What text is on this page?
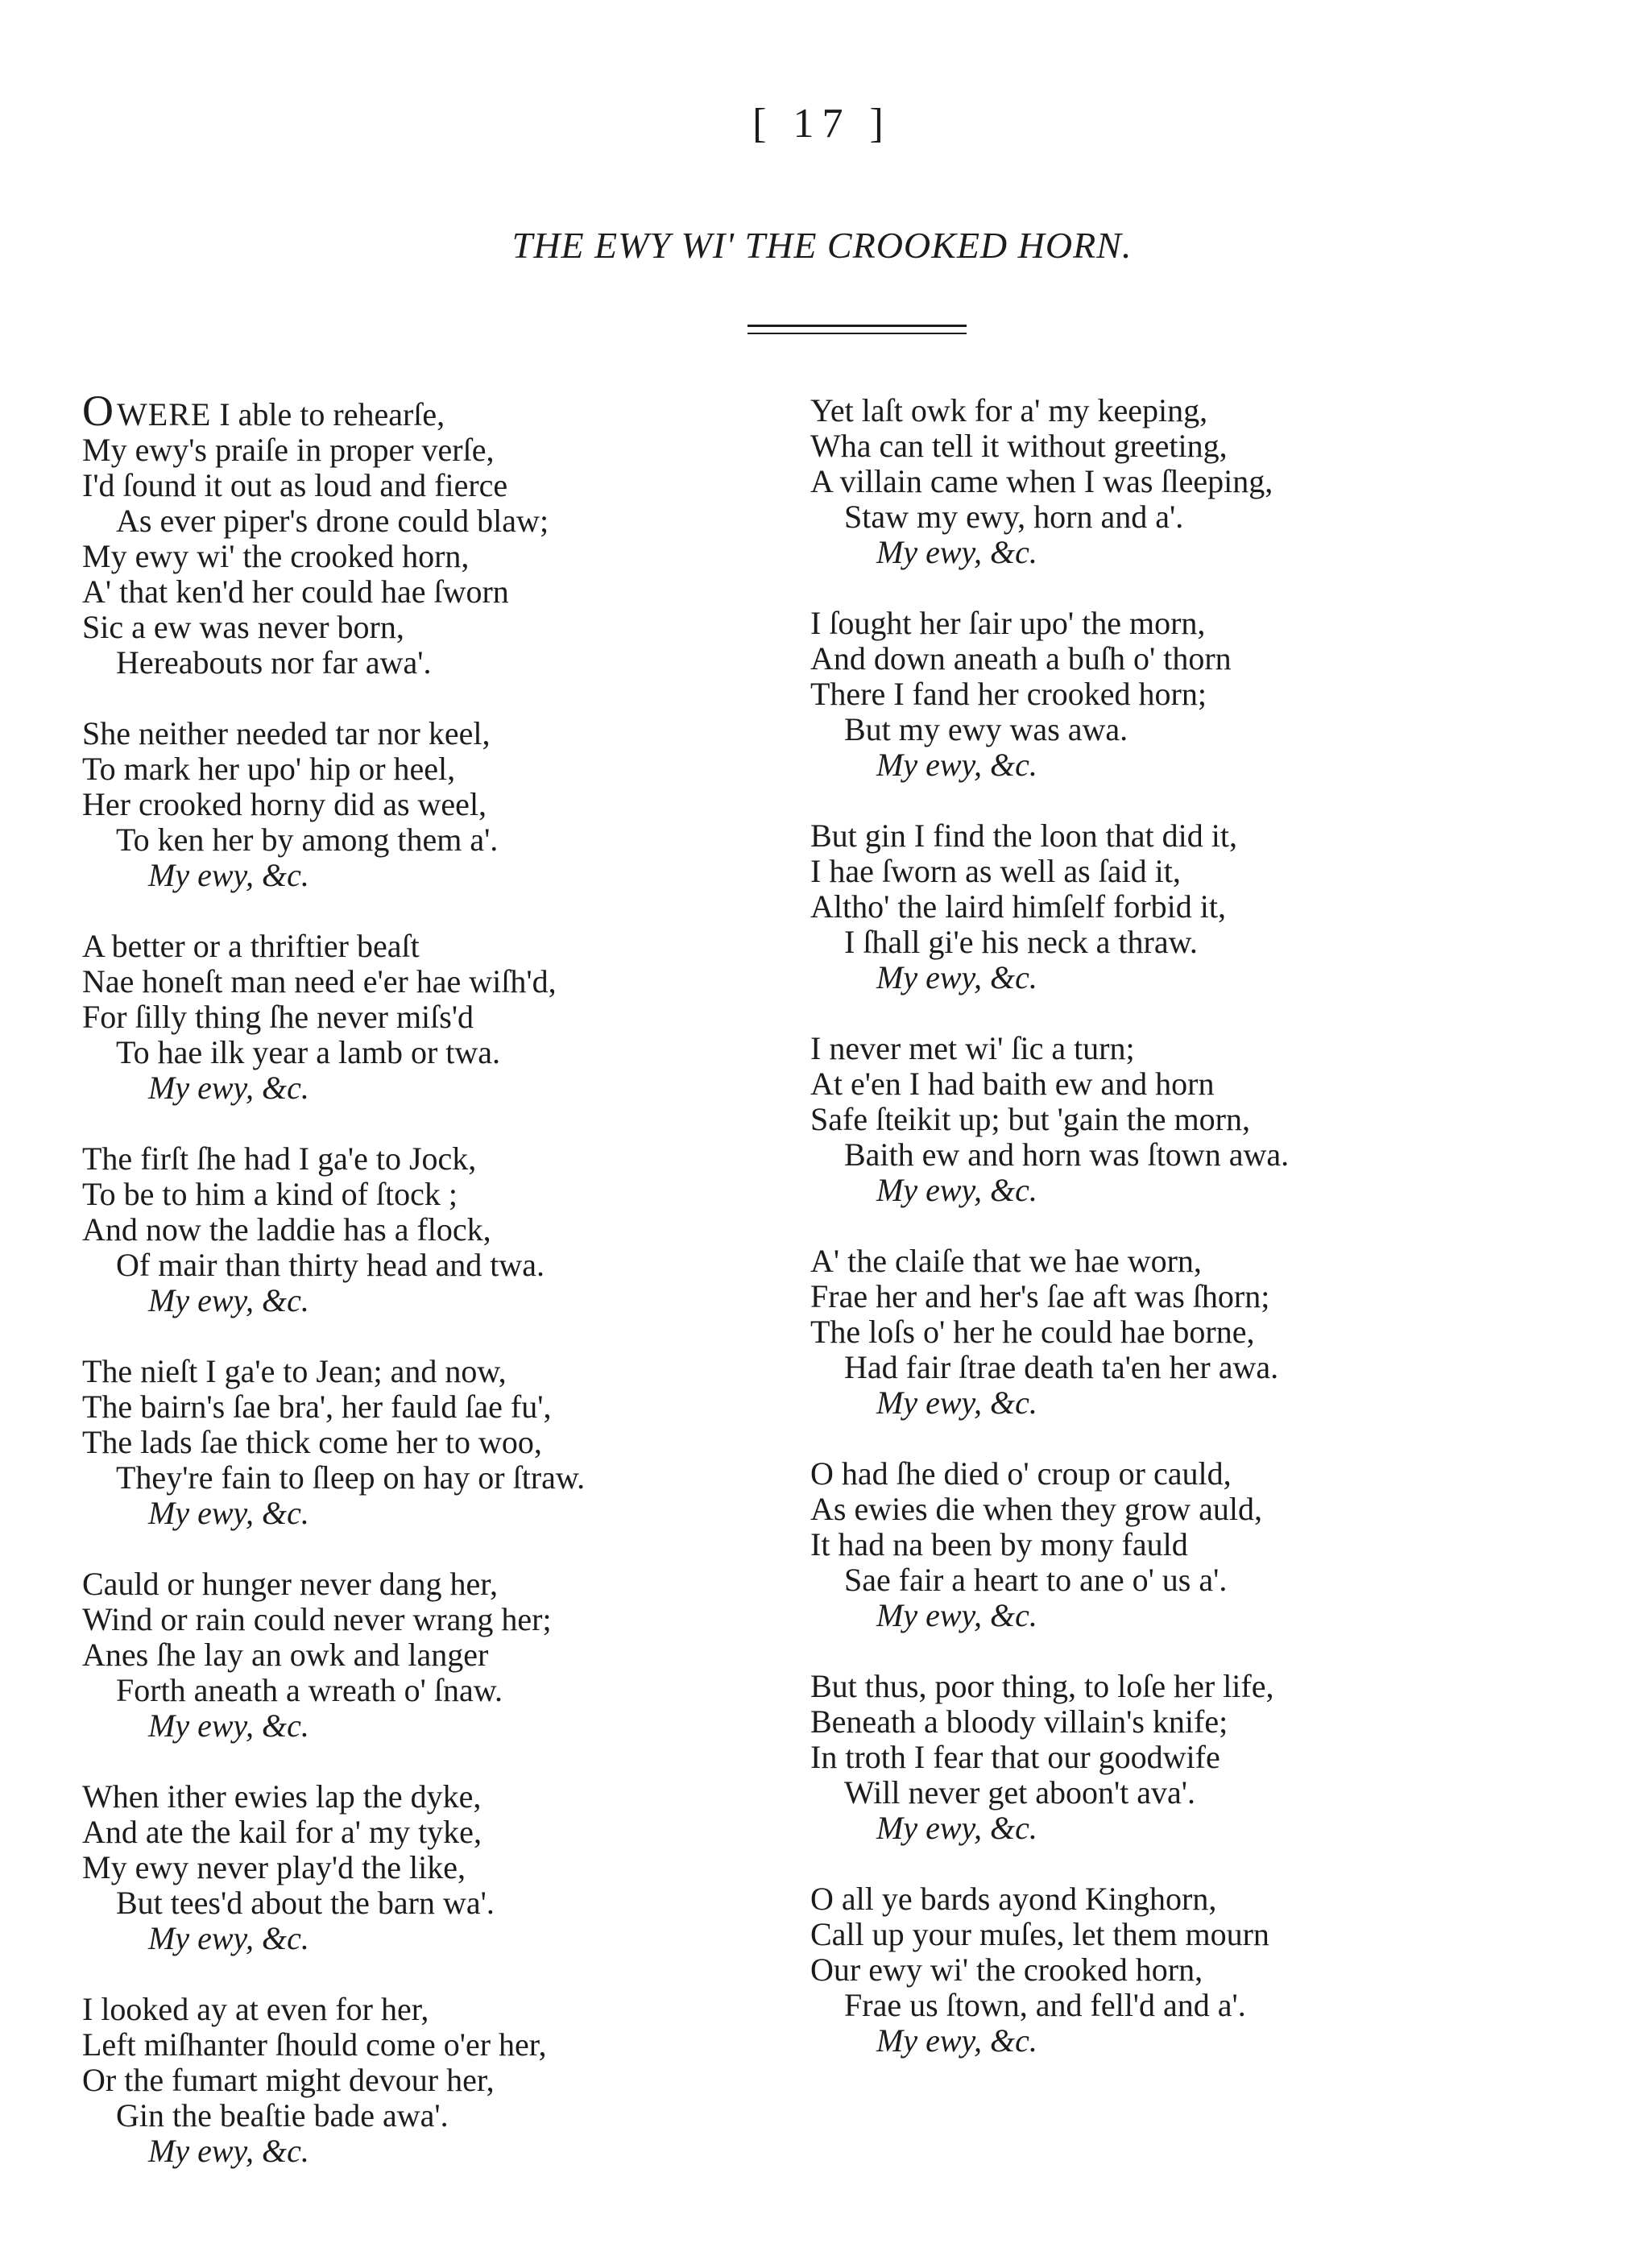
[ 17 ]
THE EWY WI' THE CROOKED HORN.
O WERE I able to rehearſe,
My ewy's praiſe in proper verſe,
I'd ſound it out as loud and fierce
As ever piper's drone could blaw;
My ewy wi' the crooked horn,
A' that ken'd her could hae ſworn
Sic a ew was never born,
Hereabouts nor far awa'.
She neither needed tar nor keel,
To mark her upo' hip or heel,
Her crooked horny did as weel,
To ken her by among them a'.
My ewy, &c.
A better or a thriftier beaſt
Nae honeſt man need e'er hae wiſh'd,
For ſilly thing ſhe never miſs'd
To hae ilk year a lamb or twa.
My ewy, &c.
The firſt ſhe had I ga'e to Jock,
To be to him a kind of ſtock ;
And now the laddie has a flock,
Of mair than thirty head and twa.
My ewy, &c.
The nieſt I ga'e to Jean; and now,
The bairn's ſae bra', her fauld ſae fu',
The lads ſae thick come her to woo,
They're fain to ſleep on hay or ſtraw.
My ewy, &c.
Cauld or hunger never dang her,
Wind or rain could never wrang her;
Anes ſhe lay an owk and langer
Forth aneath a wreath o' ſnaw.
My ewy, &c.
When ither ewies lap the dyke,
And ate the kail for a' my tyke,
My ewy never play'd the like,
But tees'd about the barn wa'.
My ewy, &c.
I looked ay at even for her,
Left miſhanter ſhould come o'er her,
Or the fumart might devour her,
Gin the beaſtie bade awa'.
My ewy, &c.
Yet laſt owk for a' my keeping,
Wha can tell it without greeting,
A villain came when I was ſleeping,
Staw my ewy, horn and a'.
My ewy, &c.
I ſought her ſair upo' the morn,
And down aneath a buſh o' thorn
There I fand her crooked horn;
But my ewy was awa.
My ewy, &c.
But gin I find the loon that did it,
I hae ſworn as well as ſaid it,
Altho' the laird himſelf forbid it,
I ſhall gi'e his neck a thraw.
My ewy, &c.
I never met wi' ſic a turn;
At e'en I had baith ew and horn
Safe ſteikit up; but 'gain the morn,
Baith ew and horn was ſtown awa.
My ewy, &c.
A' the claiſe that we hae worn,
Frae her and her's ſae aft was ſhorn;
The loſs o' her he could hae borne,
Had fair ſtrae death ta'en her awa.
My ewy, &c.
O had ſhe died o' croup or cauld,
As ewies die when they grow auld,
It had na been by mony fauld
Sae fair a heart to ane o' us a'.
My ewy, &c.
But thus, poor thing, to loſe her life,
Beneath a bloody villain's knife;
In troth I fear that our goodwife
Will never get aboon't ava'.
My ewy, &c.
O all ye bards ayond Kinghorn,
Call up your muſes, let them mourn
Our ewy wi' the crooked horn,
Frae us ſtown, and fell'd and a'.
My ewy, &c.
